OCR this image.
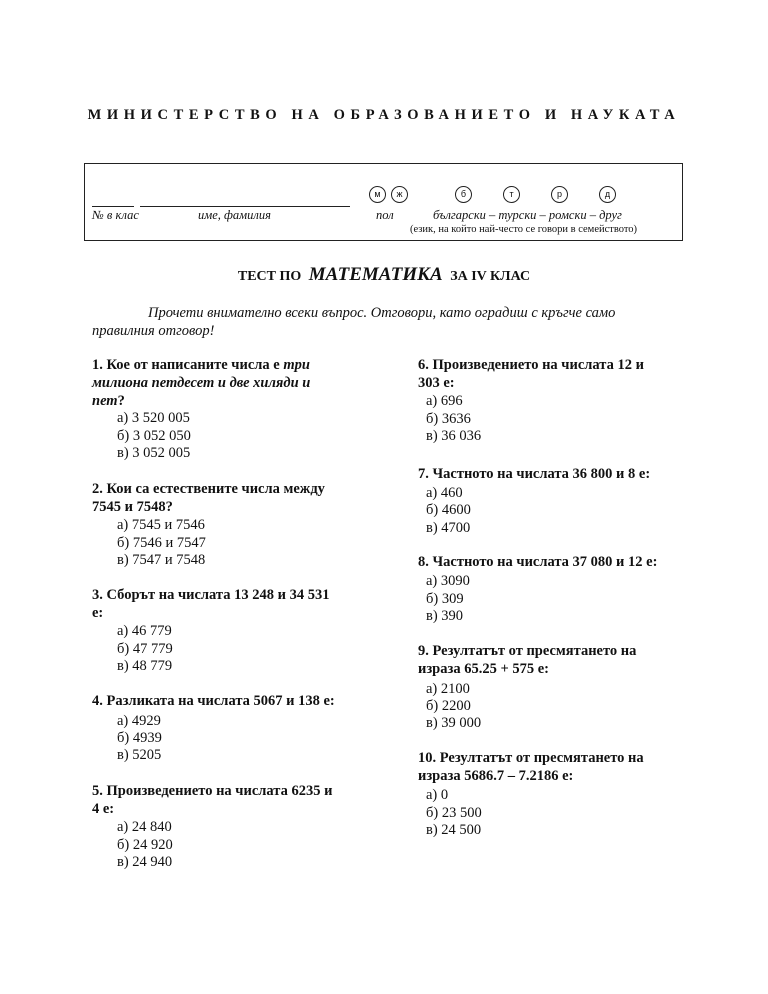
МИНИСТЕРСТВО НА ОБРАЗОВАНИЕТО И НАУКАТА
№ в клас	име, фамилия	пол	български – турски – ромски – друг
(език, на който най-често се говори в семейството)
м	ж	б	т	р	д
ТЕСТ ПО МАТЕМАТИКА ЗА IV КЛАС
Прочети внимателно всеки въпрос. Отговори, като оградиш с кръгче само
правилния отговор!
1. Кое от написаните числа е три
милиона петдесет и две хиляди и
пет?
а) 3 520 005
б) 3 052 050
в) 3 052 005
2. Кои са естествените числа между
7545 и 7548?
а) 7545 и 7546
б) 7546 и 7547
в) 7547 и 7548
3. Сборът на числата 13 248 и 34 531
е:
а) 46 779
б) 47 779
в) 48 779
4. Разликата на числата 5067 и 138 е:
а) 4929
б) 4939
в) 5205
5. Произведението на числата 6235 и
4 е:
а) 24 840
б) 24 920
в) 24 940
6. Произведението на числата 12 и
303 е:
а) 696
б) 3636
в) 36 036
7. Частното на числата 36 800 и 8 е:
а) 460
б) 4600
в) 4700
8. Частното на числата 37 080 и 12 е:
а) 3090
б) 309
в) 390
9. Резултатът от пресмятането на
израза 65.25 + 575 е:
а) 2100
б) 2200
в) 39 000
10. Резултатът от пресмятането на
израза 5686.7 – 7.2186 е:
а) 0
б) 23 500
в) 24 500
